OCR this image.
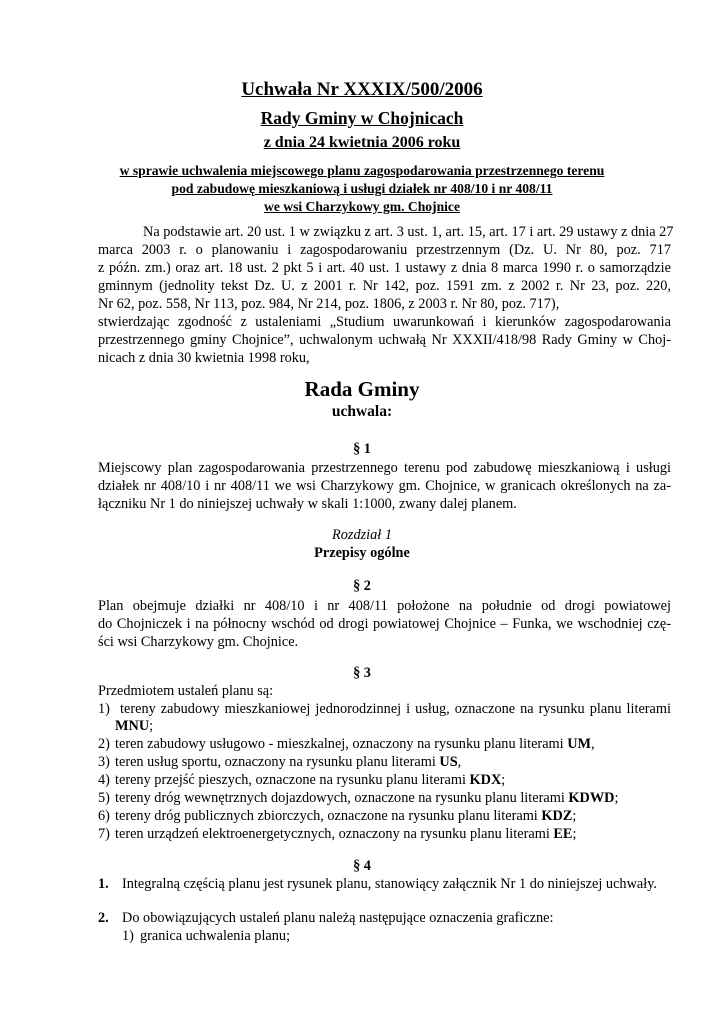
Uchwała Nr XXXIX/500/2006
Rady Gminy w Chojnicach
z dnia 24 kwietnia 2006 roku
w sprawie uchwalenia miejscowego planu zagospodarowania przestrzennego terenu
pod zabudowę mieszkaniową i usługi działek nr 408/10 i nr 408/11
we wsi Charzykowy gm. Chojnice
Na podstawie art. 20 ust. 1 w związku z art. 3 ust. 1, art. 15, art. 17 i art. 29 ustawy z dnia 27
marca 2003 r. o planowaniu i zagospodarowaniu przestrzennym (Dz. U. Nr 80, poz. 717
z późn. zm.) oraz art. 18 ust. 2 pkt 5 i art. 40 ust. 1 ustawy z dnia 8 marca 1990 r. o samorządzie
gminnym (jednolity tekst Dz. U. z 2001 r. Nr 142, poz. 1591 zm. z 2002 r. Nr 23, poz. 220,
Nr 62, poz. 558, Nr 113, poz. 984, Nr 214, poz. 1806, z 2003 r. Nr 80, poz. 717),
stwierdzając zgodność z ustaleniami „Studium uwarunkowań i kierunków zagospodarowania
przestrzennego gminy Chojnice”, uchwalonym uchwałą Nr XXXII/418/98 Rady Gminy w Choj-
nicach z dnia 30 kwietnia 1998 roku,
Rada Gminy
uchwala:
§ 1
Miejscowy plan zagospodarowania przestrzennego terenu pod zabudowę mieszkaniową i usługi
działek nr 408/10 i nr 408/11 we wsi Charzykowy gm. Chojnice, w granicach określonych na za-
łączniku Nr 1 do niniejszej uchwały w skali 1:1000, zwany dalej planem.
Rozdział 1
Przepisy ogólne
§ 2
Plan obejmuje działki nr 408/10 i nr 408/11 położone na południe od drogi powiatowej
do Chojniczek i na północny wschód od drogi powiatowej Chojnice – Funka, we wschodniej czę-
ści wsi Charzykowy gm. Chojnice.
§ 3
Przedmiotem ustaleń planu są:
1) tereny zabudowy mieszkaniowej jednorodzinnej i usług, oznaczone na rysunku planu literami
MNU;
2) teren zabudowy usługowo - mieszkalnej, oznaczony na rysunku planu literami UM,
3) teren usług sportu, oznaczony na rysunku planu literami US,
4) tereny przejść pieszych, oznaczone na rysunku planu literami KDX;
5) tereny dróg wewnętrznych dojazdowych, oznaczone na rysunku planu literami KDWD;
6) tereny dróg publicznych zbiorczych, oznaczone na rysunku planu literami KDZ;
7) teren urządzeń elektroenergetycznych, oznaczony na rysunku planu literami EE;
§ 4
1. Integralną częścią planu jest rysunek planu, stanowiący załącznik Nr 1 do niniejszej uchwały.
2. Do obowiązujących ustaleń planu należą następujące oznaczenia graficzne:
1) granica uchwalenia planu;
